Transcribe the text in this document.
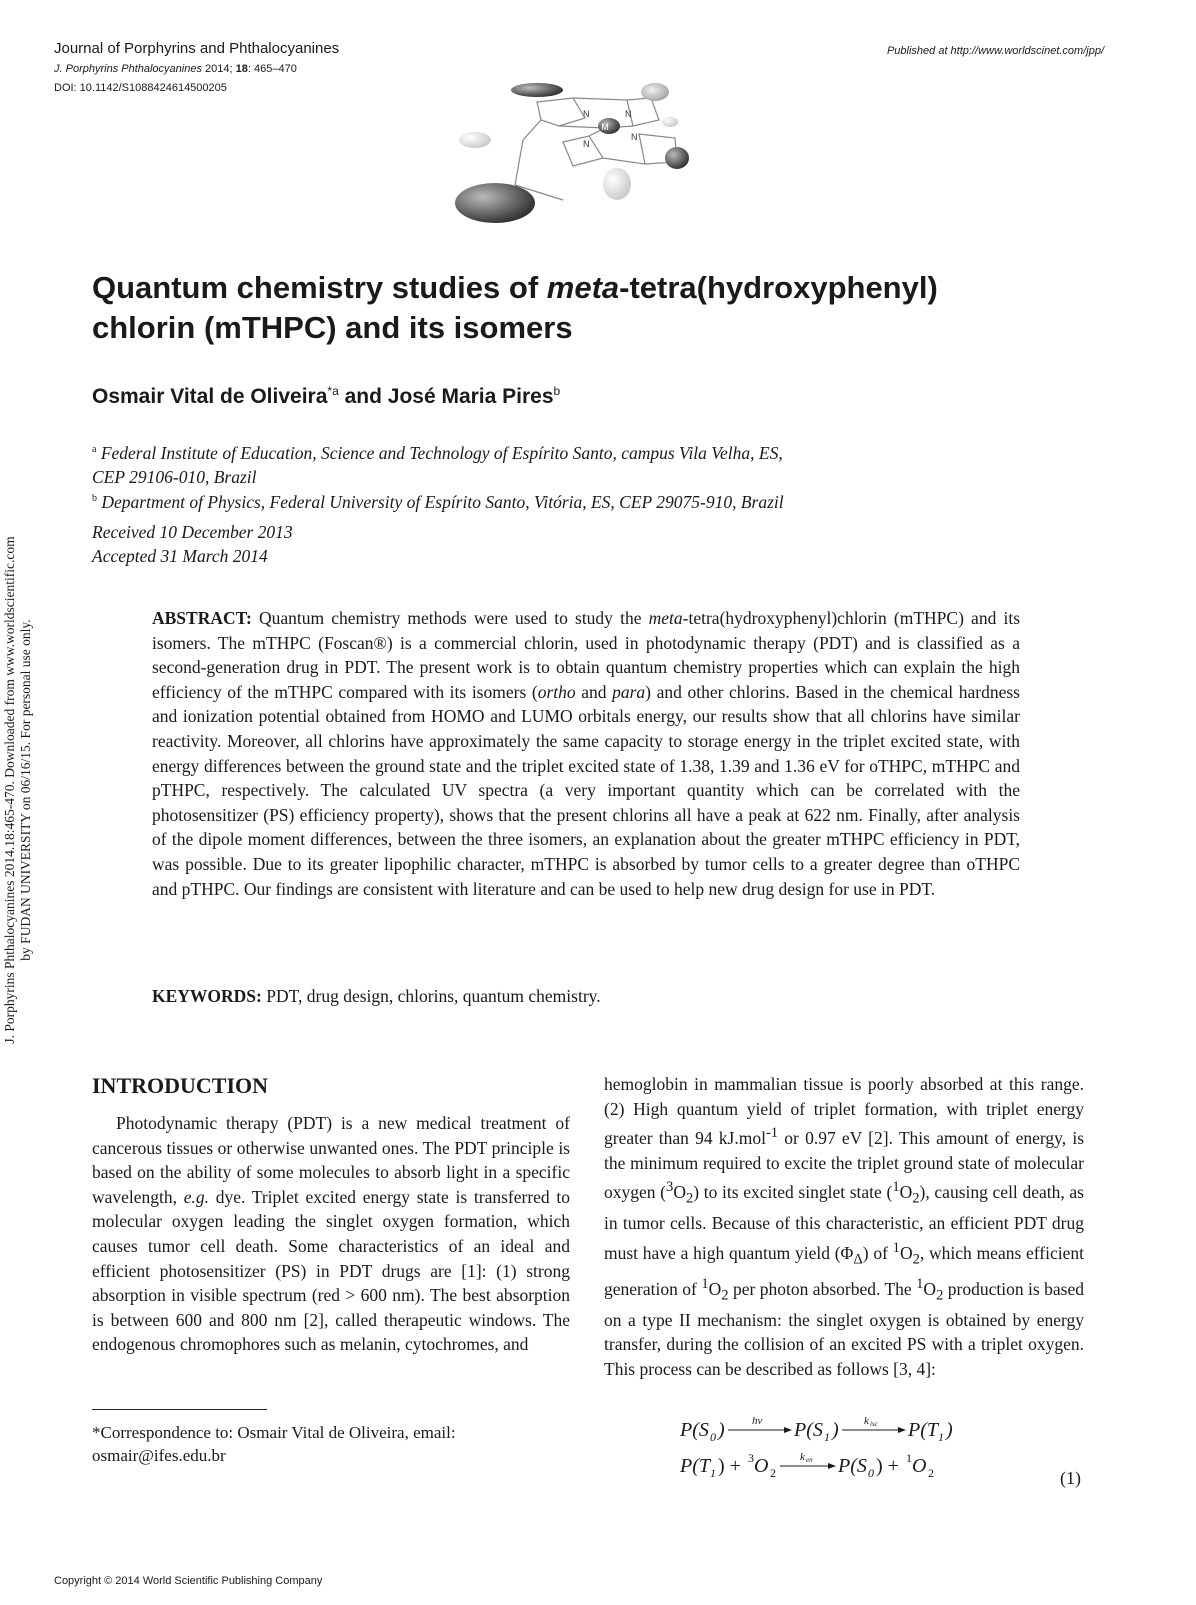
Journal of Porphyrins and Phthalocyanines
J. Porphyrins Phthalocyanines 2014; 18: 465–470
DOI: 10.1142/S1088424614500205
Published at http://www.worldscinet.com/jpp/
M
N	N
N
N
J. Porphyrins Phthalocyanines 2014.18:465-470. Downloaded from www.worldscientific.com by FUDAN UNIVERSITY on 06/16/15. For personal use only.
Quantum chemistry studies of meta-tetra(hydroxyphenyl)
chlorin (mTHPC) and its isomers
Osmair Vital de Oliveira$^{*a}$ and José Maria Pires$^b$
$^a$ Federal Institute of Education, Science and Technology of Espírito Santo, campus Vila Velha, ES,
CEP 29106-010, Brazil
$^b$ Department of Physics, Federal University of Espírito Santo, Vitória, ES, CEP 29075-910, Brazil
Received 10 December 2013
Accepted 31 March 2014
ABSTRACT: Quantum chemistry methods were used to study the meta-tetra(hydroxyphenyl)chlorin (mTHPC) and its isomers. The mTHPC (Foscan®) is a commercial chlorin, used in photodynamic therapy (PDT) and is classified as a second-generation drug in PDT. The present work is to obtain quantum chemistry properties which can explain the high efficiency of the mTHPC compared with its isomers (ortho and para) and other chlorins. Based in the chemical hardness and ionization potential obtained from HOMO and LUMO orbitals energy, our results show that all chlorins have similar reactivity. Moreover, all chlorins have approximately the same capacity to storage energy in the triplet excited state, with energy differences between the ground state and the triplet excited state of 1.38, 1.39 and 1.36 eV for oTHPC, mTHPC and pTHPC, respectively. The calculated UV spectra (a very important quantity which can be correlated with the photosensitizer (PS) efficiency property), shows that the present chlorins all have a peak at 622 nm. Finally, after analysis of the dipole moment differences, between the three isomers, an explanation about the greater mTHPC efficiency in PDT, was possible. Due to its greater lipophilic character, mTHPC is absorbed by tumor cells to a greater degree than oTHPC and pTHPC. Our findings are consistent with literature and can be used to help new drug design for use in PDT.
KEYWORDS: PDT, drug design, chlorins, quantum chemistry.
INTRODUCTION
Photodynamic therapy (PDT) is a new medical treatment of cancerous tissues or otherwise unwanted ones. The PDT principle is based on the ability of some molecules to absorb light in a specific wavelength, e.g. dye. Triplet excited energy state is transferred to molecular oxygen leading the singlet oxygen formation, which causes tumor cell death. Some characteristics of an ideal and efficient photosensitizer (PS) in PDT drugs are [1]: (1) strong absorption in visible spectrum (red > 600 nm). The best absorption is between 600 and 800 nm [2], called therapeutic windows. The endogenous chromophores such as melanin, cytochromes, and
hemoglobin in mammalian tissue is poorly absorbed at this range. (2) High quantum yield of triplet formation, with triplet energy greater than 94 kJ.mol$^{-1}$ or 0.97 eV [2]. This amount of energy, is the minimum required to excite the triplet ground state of molecular oxygen $(^3O_2)$ to its excited singlet state $(^1O_2)$, causing cell death, as in tumor cells. Because of this characteristic, an efficient PDT drug must have a high quantum yield $(\Phi_\Delta)$ of $^1O_2$, which means efficient generation of $^1O_2$ per photon absorbed. The $^1O_2$ production is based on a type II mechanism: the singlet oxygen is obtained by energy transfer, during the collision of an excited PS with a triplet oxygen. This process can be described as follows [3, 4]:
P(S 0 ) hv P(S 1 ) k isc P(T 1 )
P(T 1 ) + 3 O 2
k en P(S 0 ) + 1 O 2	(1)
*Correspondence to: Osmair Vital de Oliveira, email: osmair@ifes.edu.br
Copyright © 2014 World Scientific Publishing Company
